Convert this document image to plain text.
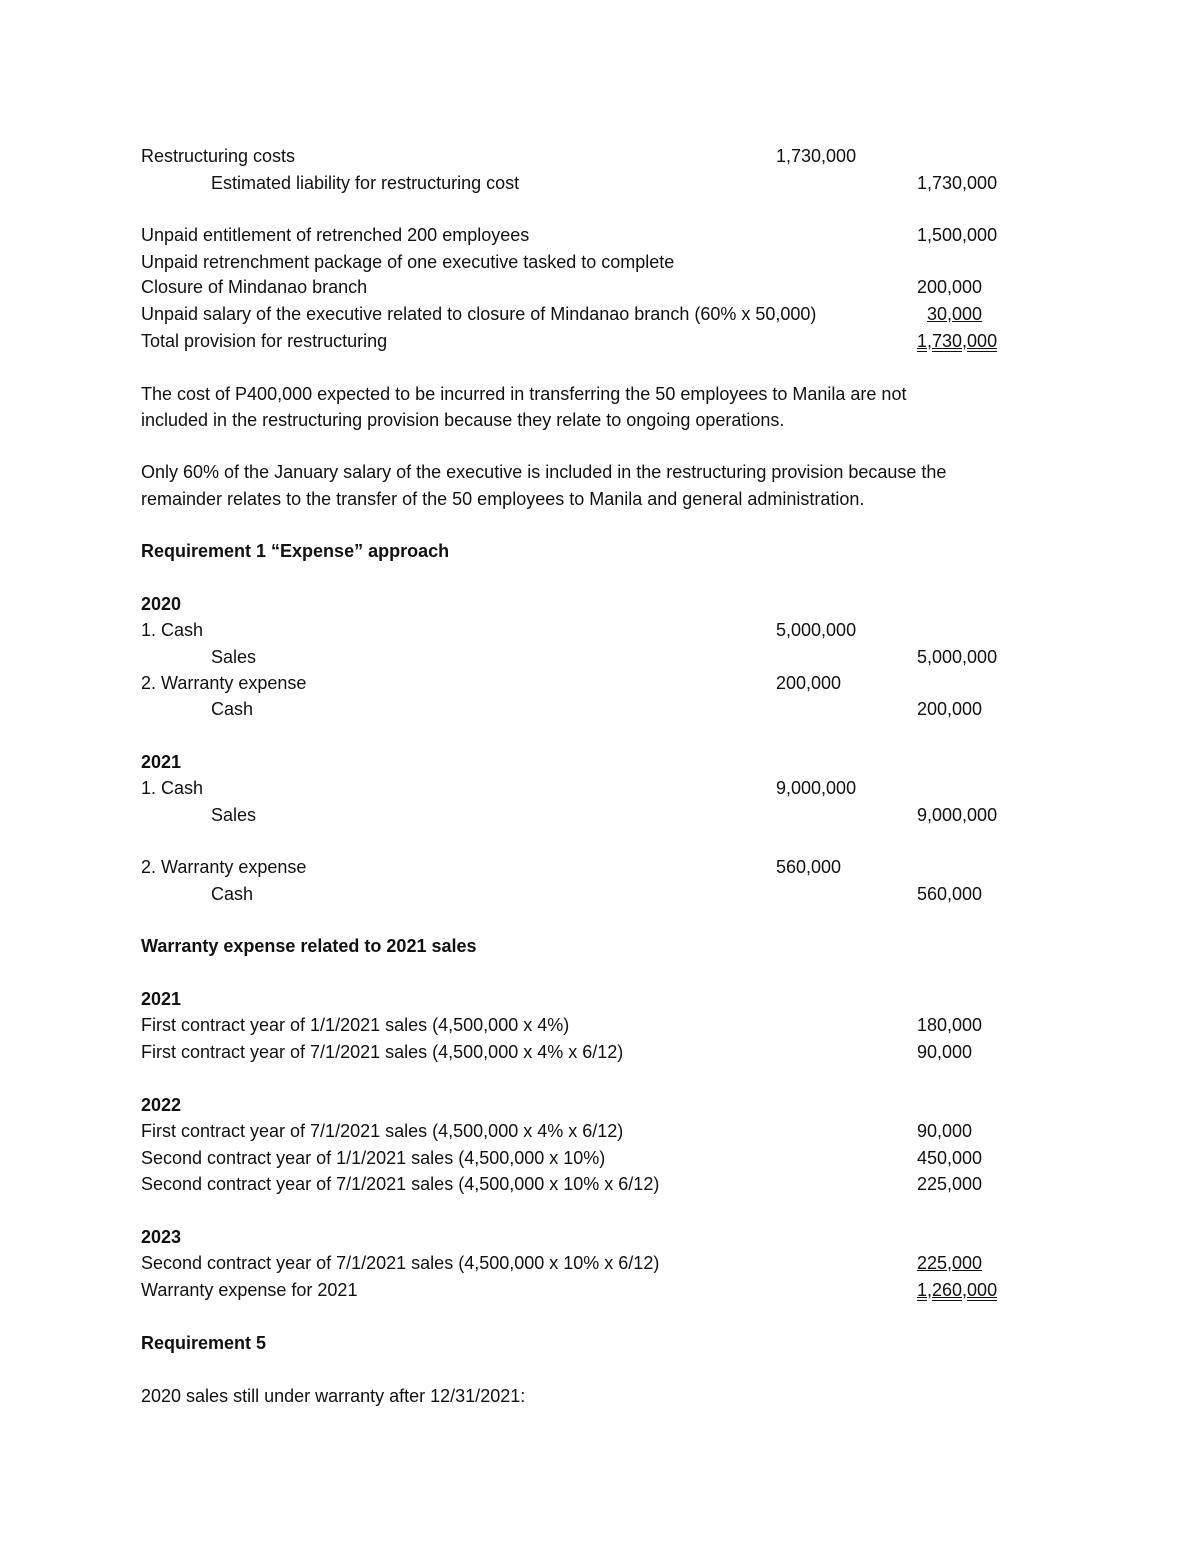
Restructuring costs	1,730,000
Estimated liability for restructuring cost	1,730,000
Unpaid entitlement of retrenched 200 employees	1,500,000
Unpaid retrenchment package of one executive tasked to complete
Closure of Mindanao branch	200,000
Unpaid salary of the executive related to closure of Mindanao branch (60% x 50,000)	30,000
Total provision for restructuring	1,730,000
The cost of P400,000 expected to be incurred in transferring the 50 employees to Manila are not
included in the restructuring provision because they relate to ongoing operations.
Only 60% of the January salary of the executive is included in the restructuring provision because the
remainder relates to the transfer of the 50 employees to Manila and general administration.
Requirement 1 “Expense” approach
2020
1. Cash	5,000,000
Sales	5,000,000
2. Warranty expense	200,000
Cash	200,000
2021
1. Cash	9,000,000
Sales	9,000,000
2. Warranty expense	560,000
Cash	560,000
Warranty expense related to 2021 sales
2021
First contract year of 1/1/2021 sales (4,500,000 x 4%)	180,000
First contract year of 7/1/2021 sales (4,500,000 x 4% x 6/12)	90,000
2022
First contract year of 7/1/2021 sales (4,500,000 x 4% x 6/12)	90,000
Second contract year of 1/1/2021 sales (4,500,000 x 10%)	450,000
Second contract year of 7/1/2021 sales (4,500,000 x 10% x 6/12)	225,000
2023
Second contract year of 7/1/2021 sales (4,500,000 x 10% x 6/12)	225,000
Warranty expense for 2021	1,260,000
Requirement 5
2020 sales still under warranty after 12/31/2021:
